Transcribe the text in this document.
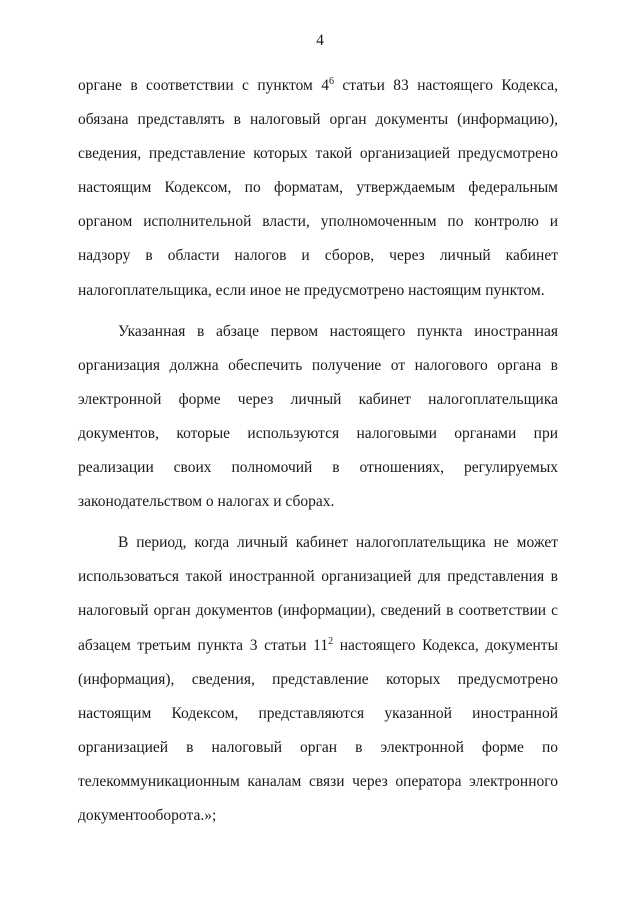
4

органе в соответствии с пунктом $4^6$ статьи 83 настоящего Кодекса, обязана представлять в налоговый орган документы (информацию), сведения, представление которых такой организацией предусмотрено настоящим Кодексом, по форматам, утверждаемым федеральным органом исполнительной власти, уполномоченным по контролю и надзору в области налогов и сборов, через личный кабинет налогоплательщика, если иное не предусмотрено настоящим пунктом.

Указанная в абзаце первом настоящего пункта иностранная организация должна обеспечить получение от налогового органа в электронной форме через личный кабинет налогоплательщика документов, которые используются налоговыми органами при реализации своих полномочий в отношениях, регулируемых законодательством о налогах и сборах.

В период, когда личный кабинет налогоплательщика не может использоваться такой иностранной организацией для представления в налоговый орган документов (информации), сведений в соответствии с абзацем третьим пункта 3 статьи $11^2$ настоящего Кодекса, документы (информация), сведения, представление которых предусмотрено настоящим Кодексом, представляются указанной иностранной организацией в налоговый орган в электронной форме по телекоммуникационным каналам связи через оператора электронного документооборота.»;
